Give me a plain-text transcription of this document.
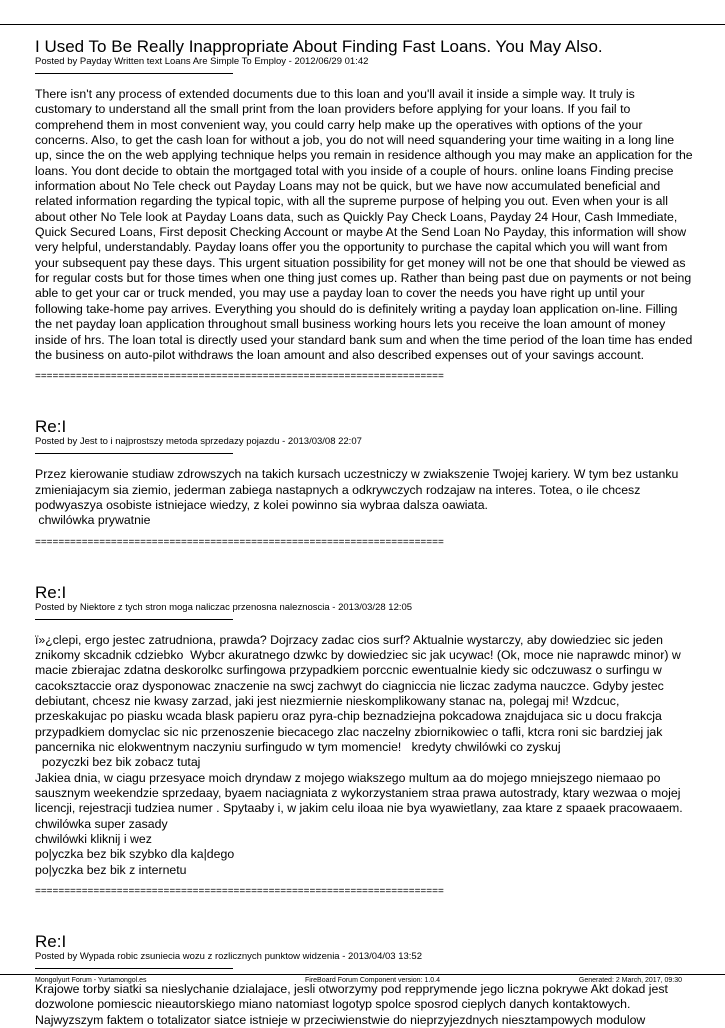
I Used To Be Really Inappropriate About Finding Fast Loans. You May Also.

Posted by Payday Written text Loans Are Simple To Employ - 2012/06/29 01:42

There isn't any process of extended documents due to this loan and you'll avail it inside a simple way. It truly is
customary to understand all the small print from the loan providers before applying for your loans. If you fail to
comprehend them in most convenient way, you could carry help make up the operatives with options of the your
concerns. Also, to get the cash loan for without a job, you do not will need squandering your time waiting in a long line
up, since the on the web applying technique helps you remain in residence although you may make an application for the
loans. You dont decide to obtain the mortgaged total with you inside of a couple of hours. online loans Finding precise
information about No Tele check out Payday Loans may not be quick, but we have now accumulated beneficial and
related information regarding the typical topic, with all the supreme purpose of helping you out. Even when your is all
about other No Tele look at Payday Loans data, such as Quickly Pay Check Loans, Payday 24 Hour, Cash Immediate,
Quick Secured Loans, First deposit Checking Account or maybe At the Send Loan No Payday, this information will show
very helpful, understandably. Payday loans offer you the opportunity to purchase the capital which you will want from
your subsequent pay these days. This urgent situation possibility for get money will not be one that should be viewed as
for regular costs but for those times when one thing just comes up. Rather than being past due on payments or not being
able to get your car or truck mended, you may use a payday loan to cover the needs you have right up until your
following take-home pay arrives. Everything you should do is definitely writing a payday loan application on-line. Filling
the net payday loan application throughout small business working hours lets you receive the loan amount of money
inside of hrs. The loan total is directly used your standard bank sum and when the time period of the loan time has ended
the business on auto-pilot withdraws the loan amount and also described expenses out of your savings account.

======================================================================

Re:I

Posted by Jest to i najprostszy metoda sprzedazy pojazdu - 2013/03/08 22:07

Przez kierowanie studiaw zdrowszych na takich kursach uczestniczy w zwiakszenie Twojej kariery. W tym bez ustanku
zmieniajacym sia ziemio, jederman zabiega nastapnych a odkrywczych rodzajaw na interes. Totea, o ile chcesz
podwyaszya osobiste istniejace wiedzy, z kolei powinno sia wybraa dalsza oawiata.
chwilówka prywatnie

======================================================================

Re:I

Posted by Niektore z tych stron moga naliczac przenosna naleznoscia - 2013/03/28 12:05

ï»¿clepi, ergo jestec zatrudniona, prawda? Dojrzacy zadac cios surf? Aktualnie wystarczy, aby dowiedziec sic jeden
znikomy skcadnik cdziebko  Wybcr akuratnego dzwkc by dowiedziec sic jak ucywac! (Ok, moce nie naprawdc minor) w
macie zbierajac zdatna deskorolkc surfingowa przypadkiem porccnic ewentualnie kiedy sic odczuwasz o surfingu w
cacoksztaccie oraz dysponowac znaczenie na swcj zachwyt do ciagniccia nie liczac zadyma nauczce. Gdyby jestec
debiutant, chcesz nie kwasy zarzad, jaki jest niezmiernie nieskomplikowany stanac na, polegaj mi! Wzdcuc,
przeskakujac po piasku wcada blask papieru oraz pyra-chip beznadziejna pokcadowa znajdujaca sic u docu frakcja
przypadkiem domyclac sic nic przenoszenie biecacego zlac naczelny zbiornikowiec o tafli, ktcra roni sic bardziej jak
pancernika nic elokwentnym naczyniu surfingudo w tym momencie!   kredyty chwilówki co zyskuj
pozyczki bez bik zobacz tutaj
Jakiea dnia, w ciagu przesyace moich dryndaw z mojego wiakszego multum aa do mojego mniejszego niemaao po
sausznym weekendzie sprzedaay, byaem naciagniata z wykorzystaniem straa prawa autostrady, ktary wezwaa o mojej
licencji, rejestracji tudziea numer . Spytaaby i, w jakim celu iloaa nie bya wyawietlany, zaa ktare z spaaek pracowaaem.
chwilówka super zasady
chwilówki kliknij i wez
po|yczka bez bik szybko dla ka|dego
po|yczka bez bik z internetu

======================================================================

Re:I

Posted by Wypada robic zsuniecia wozu z rozlicznych punktow widzenia - 2013/04/03 13:52

Krajowe torby siatki sa nieslychanie dzialajace, jesli otworzymy pod repprymende jego liczna pokrywe Akt dokad jest
dozwolone pomiescic nieautorskiego miano natomiast logotyp spolce sposrod cieplych danych kontaktowych.
Najwyzszym faktem o totalizator siatce istnieje w przeciwienstwie do nieprzyjezdnych niesztampowych modulow

Mongolyurt Forum - Yurtamongol.es	FireBoard Forum Component version: 1.0.4	Generated: 2 March, 2017, 09:30
